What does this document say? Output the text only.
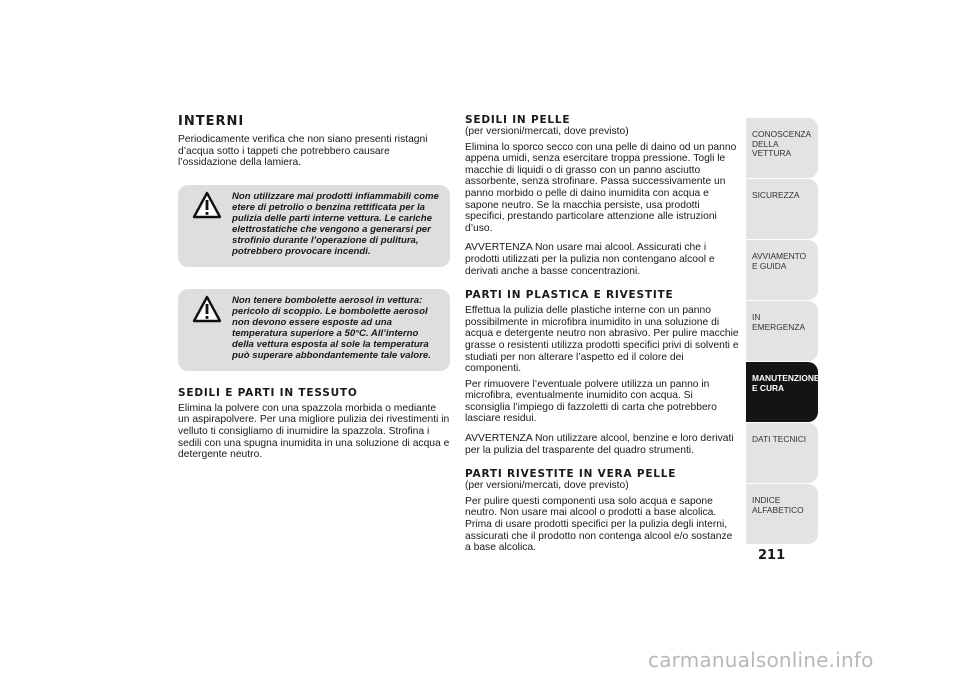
INTERNI

Periodicamente verifica che non siano presenti ristagni d’acqua sotto i tappeti che potrebbero causare l’ossidazione della lamiera.

Non utilizzare mai prodotti infiammabili come etere di petrolio o benzina rettificata per la pulizia delle parti interne vettura. Le cariche elettrostatiche che vengono a generarsi per strofinio durante l’operazione di pulitura, potrebbero provocare incendi.
Non tenere bombolette aerosol in vettura: pericolo di scoppio. Le bombolette aerosol non devono essere esposte ad una temperatura superiore a 50°C. All’interno della vettura esposta al sole la temperatura può superare abbondantemente tale valore.
SEDILI E PARTI IN TESSUTO

Elimina la polvere con una spazzola morbida o mediante un aspirapolvere. Per una migliore pulizia dei rivestimenti in velluto ti consigliamo di inumidire la spazzola. Strofina i sedili con una spugna inumidita in una soluzione di acqua e detergente neutro.

SEDILI IN PELLE

(per versioni/mercati, dove previsto)

Elimina lo sporco secco con una pelle di daino od un panno appena umidi, senza esercitare troppa pressione. Togli le macchie di liquidi o di grasso con un panno asciutto assorbente, senza strofinare. Passa successivamente un panno morbido o pelle di daino inumidita con acqua e sapone neutro. Se la macchia persiste, usa prodotti specifici, prestando particolare attenzione alle istruzioni d’uso.

AVVERTENZA Non usare mai alcool. Assicurati che i prodotti utilizzati per la pulizia non contengano alcool e derivati anche a basse concentrazioni.

PARTI IN PLASTICA E RIVESTITE

Effettua la pulizia delle plastiche interne con un panno possibilmente in microfibra inumidito in una soluzione di acqua e detergente neutro non abrasivo. Per pulire macchie grasse o resistenti utilizza prodotti specifici privi di solventi e studiati per non alterare l’aspetto ed il colore dei componenti.

Per rimuovere l’eventuale polvere utilizza un panno in microfibra, eventualmente inumidito con acqua. Si sconsiglia l’impiego di fazzoletti di carta che potrebbero lasciare residui.

AVVERTENZA Non utilizzare alcool, benzine e loro derivati per la pulizia del trasparente del quadro strumenti.

PARTI RIVESTITE IN VERA PELLE

(per versioni/mercati, dove previsto)

Per pulire questi componenti usa solo acqua e sapone neutro. Non usare mai alcool o prodotti a base alcolica. Prima di usare prodotti specifici per la pulizia degli interni, assicurati che il prodotto non contenga alcool e/o sostanze a base alcolica.

CONOSCENZA DELLA VETTURA
SICUREZZA
AVVIAMENTO E GUIDA
IN EMERGENZA
MANUTENZIONE E CURA
DATI TECNICI
INDICE ALFABETICO
211
carmanualsonline.info
